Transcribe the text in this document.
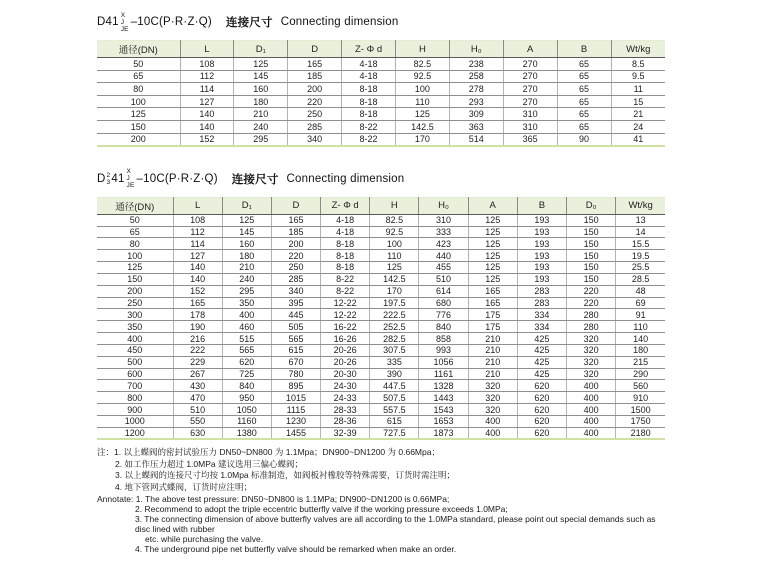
D41
X
J
JE
–10C(P·R·Z·Q) 连接尺寸 Connecting dimension
通径(DN)	L	D₁	D	Z- Φ d	H	H₀	A	B	Wt/kg
50	108	125	165	4-18	82.5	238	270	65	8.5
65	112	145	185	4-18	92.5	258	270	65	9.5
80	114	160	200	8-18	100	278	270	65	11
100	127	180	220	8-18	110	293	270	65	15
125	140	210	250	8-18	125	309	310	65	21
150	140	240	285	8-22	142.5	363	310	65	24
200	152	295	340	8-22	170	514	365	90	41
D 2
3 41
X
J
JE
–10C(P·R·Z·Q) 连接尺寸 Connecting dimension
通径(DN)	L	D₁	D	Z- Φ d	H	H₀	A	B	D₀	Wt/kg
50	108	125	165	4-18	82.5	310	125	193	150	13
65	112	145	185	4-18	92.5	333	125	193	150	14
80	114	160	200	8-18	100	423	125	193	150	15.5
100	127	180	220	8-18	110	440	125	193	150	19.5
125	140	210	250	8-18	125	455	125	193	150	25.5
150	140	240	285	8-22	142.5	510	125	193	150	28.5
200	152	295	340	8-22	170	614	165	283	220	48
250	165	350	395	12-22	197.5	680	165	283	220	69
300	178	400	445	12-22	222.5	776	175	334	280	91
350	190	460	505	16-22	252.5	840	175	334	280	110
400	216	515	565	16-26	282.5	858	210	425	320	140
450	222	565	615	20-26	307.5	993	210	425	320	180
500	229	620	670	20-26	335	1056	210	425	320	215
600	267	725	780	20-30	390	1161	210	425	320	290
700	430	840	895	24-30	447.5	1328	320	620	400	560
800	470	950	1015	24-33	507.5	1443	320	620	400	910
900	510	1050	1115	28-33	557.5	1543	320	620	400	1500
1000	550	1160	1230	28-36	615	1653	400	620	400	1750
1200	630	1380	1455	32-39	727.5	1873	400	620	400	2180
注：1. 以上蝶阀的密封试验压力 DN50~DN800 为 1.1Mpa；DN900~DN1200 为 0.66Mpa；
2. 如工作压力超过 1.0MPa 建议选用三偏心蝶阀；
3. 以上蝶阀的连接尺寸均按 1.0Mpa 标准制造，如阀板衬橡胶等特殊需要，订货时需注明；
4. 地下管网式蝶阀，订货时应注明；
Annotate: 1. The above test pressure: DN50~DN800 is 1.1MPa; DN900~DN1200 is 0.66MPa;
2. Recommend to adopt the triple eccentric butterfly valve if the working pressure exceeds 1.0MPa;
3. The connecting dimension of above butterfly valves are all according to the 1.0MPa standard, please point out special demands such as disc lined with rubber
etc. while purchasing the valve.
4. The underground pipe net butterfly valve should be remarked when make an order.
